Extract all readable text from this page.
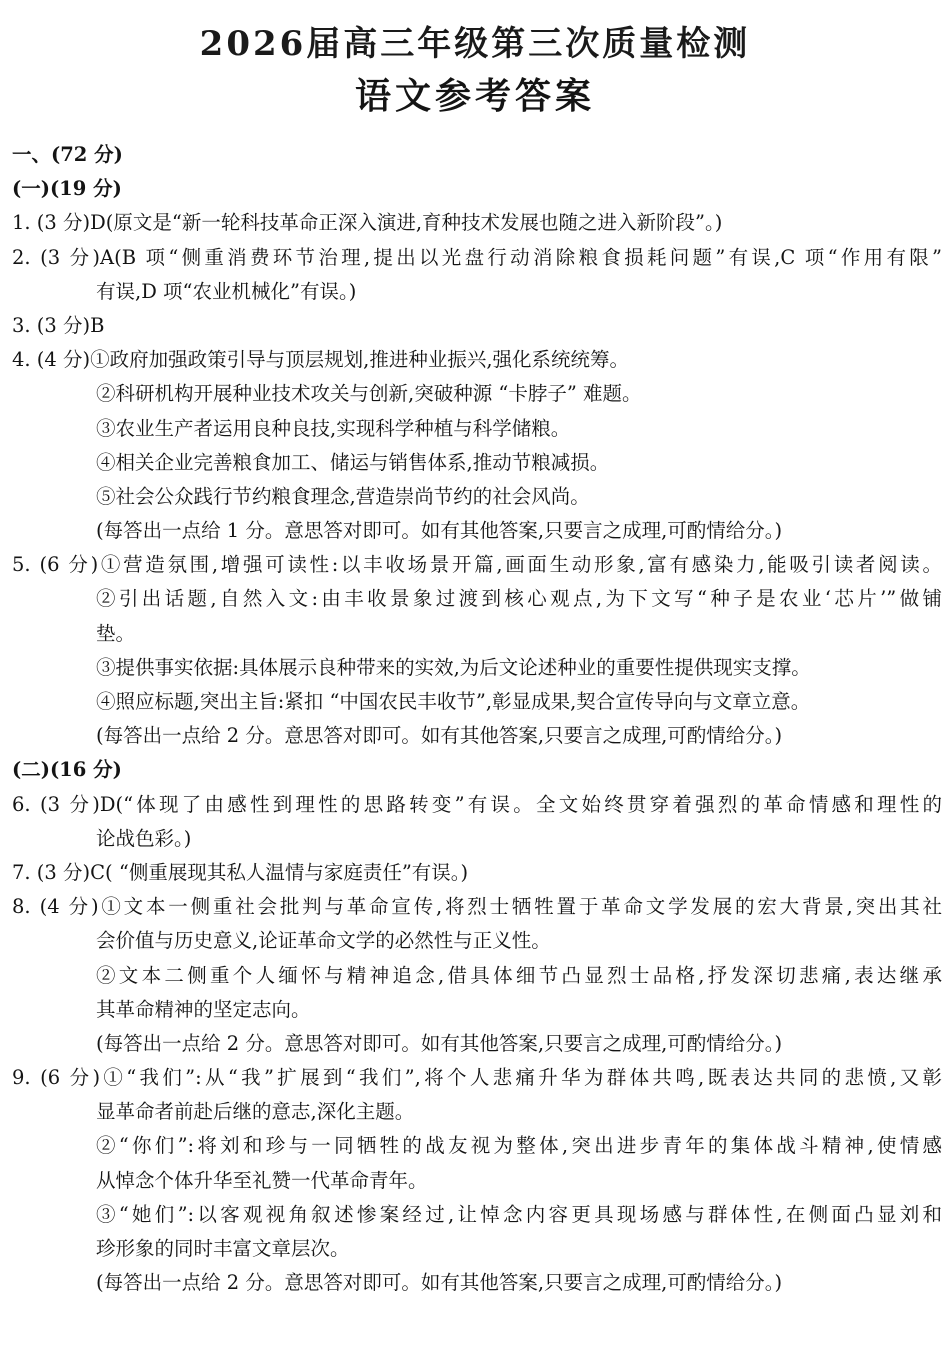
2026届高三年级第三次质量检测
语文参考答案
一、(72 分)
(一)(19 分)
1. (3 分)D(原文是“新一轮科技革命正深入演进,育种技术发展也随之进入新阶段”。)
2. (3 分)A(B 项“侧重消费环节治理,提出以光盘行动消除粮食损耗问题”有误,C 项“作用有限”
有误,D 项“农业机械化”有误。)
3. (3 分)B
4. (4 分)①政府加强政策引导与顶层规划,推进种业振兴,强化系统统筹。
②科研机构开展种业技术攻关与创新,突破种源 “卡脖子” 难题。
③农业生产者运用良种良技,实现科学种植与科学储粮。
④相关企业完善粮食加工、储运与销售体系,推动节粮减损。
⑤社会公众践行节约粮食理念,营造崇尚节约的社会风尚。
(每答出一点给 1 分。意思答对即可。如有其他答案,只要言之成理,可酌情给分。)
5. (6 分)①营造氛围,增强可读性:以丰收场景开篇,画面生动形象,富有感染力,能吸引读者阅读。
②引出话题,自然入文:由丰收景象过渡到核心观点,为下文写“种子是农业‘芯片’”做铺
垫。
③提供事实依据:具体展示良种带来的实效,为后文论述种业的重要性提供现实支撑。
④照应标题,突出主旨:紧扣 “中国农民丰收节”,彰显成果,契合宣传导向与文章立意。
(每答出一点给 2 分。意思答对即可。如有其他答案,只要言之成理,可酌情给分。)
(二)(16 分)
6. (3 分)D(“体现了由感性到理性的思路转变”有误。全文始终贯穿着强烈的革命情感和理性的
论战色彩。)
7. (3 分)C( “侧重展现其私人温情与家庭责任”有误。)
8. (4 分)①文本一侧重社会批判与革命宣传,将烈士牺牲置于革命文学发展的宏大背景,突出其社
会价值与历史意义,论证革命文学的必然性与正义性。
②文本二侧重个人缅怀与精神追念,借具体细节凸显烈士品格,抒发深切悲痛,表达继承
其革命精神的坚定志向。
(每答出一点给 2 分。意思答对即可。如有其他答案,只要言之成理,可酌情给分。)
9. (6 分)①“我们”:从“我”扩展到“我们”,将个人悲痛升华为群体共鸣,既表达共同的悲愤,又彰
显革命者前赴后继的意志,深化主题。
②“你们”:将刘和珍与一同牺牲的战友视为整体,突出进步青年的集体战斗精神,使情感
从悼念个体升华至礼赞一代革命青年。
③“她们”:以客观视角叙述惨案经过,让悼念内容更具现场感与群体性,在侧面凸显刘和
珍形象的同时丰富文章层次。
(每答出一点给 2 分。意思答对即可。如有其他答案,只要言之成理,可酌情给分。)
